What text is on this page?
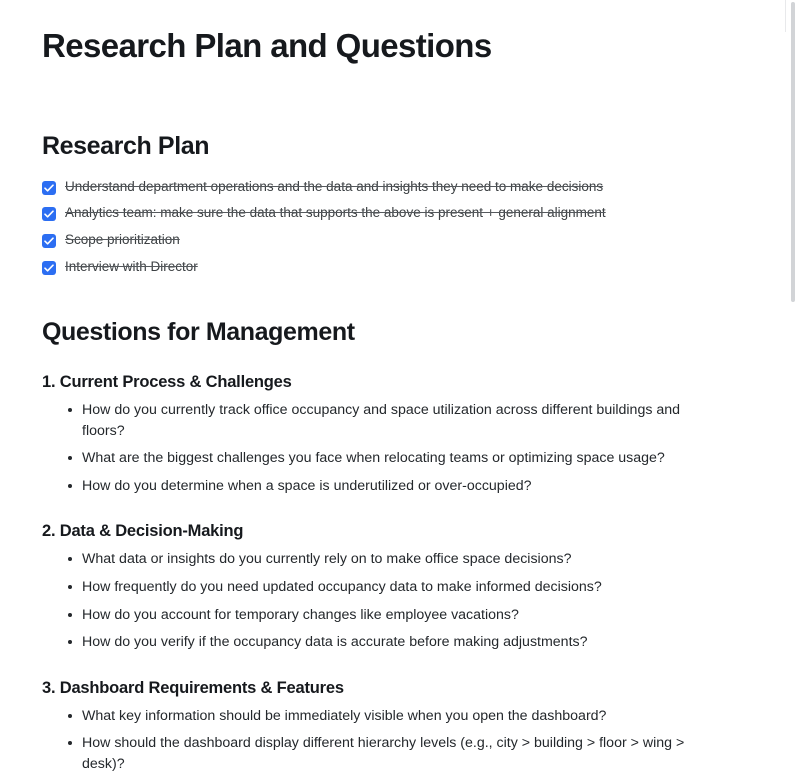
Research Plan and Questions
Research Plan
Understand department operations and the data and insights they need to make decisions
Analytics team: make sure the data that supports the above is present + general alignment
Scope prioritization
Interview with Director
Questions for Management
1. Current Process & Challenges
How do you currently track office occupancy and space utilization across different buildings and floors?
What are the biggest challenges you face when relocating teams or optimizing space usage?
How do you determine when a space is underutilized or over-occupied?
2. Data & Decision-Making
What data or insights do you currently rely on to make office space decisions?
How frequently do you need updated occupancy data to make informed decisions?
How do you account for temporary changes like employee vacations?
How do you verify if the occupancy data is accurate before making adjustments?
3. Dashboard Requirements & Features
What key information should be immediately visible when you open the dashboard?
How should the dashboard display different hierarchy levels (e.g., city > building > floor > wing > desk)?
